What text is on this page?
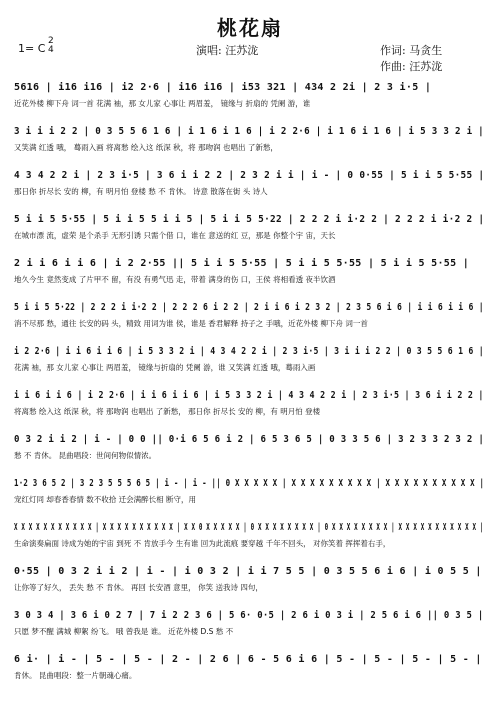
桃花扇
1= C
2
4	演唱: 汪苏泷	作词: 马贪生
作曲: 汪苏泷
5616 | i16 i16 | i2 2·6 | i16 i16 | i53 321 | 434 2 2i | 2 3 i·5 |
近花外楼 柳下舟 词一首 花满 袖，那 女儿家 心事让 两眉羞， 镜缘与 折扇的 凭阑 游，谁
3 i i i 2 2 | 0 3 5 5 6 1 6 | i 1 6 i 1 6 | i 2 2·6 | i 1 6 i 1 6 | i 5 3 3 2 i |
又笑满 红透 哦， 蓦雨入画 将离愁 绘入这 纸深 秋，将 那吻润 也唱出 了新愁，
4 3 4 2 2 i | 2 3 i·5 | 3 6 i i 2 2 | 2 3 2 i i | i - | 0 0·55 | 5 i i 5 5·55 |
那日你 折尽长 安的 柳，有 明月怕 登楼 愁 不 肯休。 诗意 散落在街 头 诗人
5 i i 5 5·55 | 5 i i 5 5 i i 5 | 5 i i 5 5·22 | 2 2 2 i i·2 2 | 2 2 2 i i·2 2 |
在城市漂 流，虚荣 是个杀手 无形引诱 只需个借 口，谁在 意送的红 豆，那是 你整个宇 宙，天长
2 i i 6 i i 6 | i 2 2·55 || 5 i i 5 5·55 | 5 i i 5 5·55 | 5 i i 5 5·55 |
地久今生 竟然变成 了片甲不 留，有没 有勇气迅 走，带着 满身的伤 口，王侯 将相看透 夜半饮酒
5 i i 5 5·22 | 2 2 2 i i·2 2 | 2 2 2 6 i 2 2 | 2 i i 6 i 2 3 2 | 2 3 5 6 i 6 | i i 6 i i 6 |
消不尽那 愁，通往 长安的码 头，精致 用词为谁 侯，谁是 香君解释 持子之 手哦，近花外楼 柳下舟 词一首
i 2 2·6 | i i 6 i i 6 | i 5 3 3 2 i | 4 3 4 2 2 i | 2 3 i·5 | 3 i i i 2 2 | 0 3 5 5 6 1 6 |
花满 袖，那 女儿家 心事让 两眉羞， 镜缘与折扇的 凭阑 游，谁 又笑满 红透 哦，蓦雨入画
i i 6 i i 6 | i 2 2·6 | i i 6 i i 6 | i 5 3 3 2 i | 4 3 4 2 2 i | 2 3 i·5 | 3 6 i i 2 2 |
将离愁 绘入这 纸深 秋，将 那吻润 也唱出 了新愁， 那日你 折尽长 安的 柳，有 明月怕 登楼
0 3 2 i i 2 | i - | 0 0 || 0·i 6 5 6 i 2 | 6 5 3 6 5 | 0 3 3 5 6 | 3 2 3 3 2 3 2 |
愁 不 肯休。 昆曲唱段：世间何物似情浓。
1·2 3 6 5 2 | 3 2 3 5 5 5 6 5 | i - | i - || 0 X X X X X | X X X X X X X X X | X X X X X X X X X X |
宠红灯同 却春香春情 数不收拾 迁会满醉长相 断守，用
X X X X X X X X X X X | X X X X X X X X X X | X X 0 X X X X X | 0 X X X X X X X X | 0 X X X X X X X X | X X X X X X X X X X X |
生命演奏扁面 诗成为她的宇宙 到死 不 肯放手今 生有谁 回为此流痕 要穿越 千年不回头， 对你笑着 挥挥着右手，
0·55 | 0 3 2 i i 2 | i - | i 0 3 2 | i i 7 5 5 | 0 3 5 5 6 i 6 | i 0 5 5 |
让你等了好久， 丢失 愁 不 肯休。 再回 长安酒 意里， 你笑 送我诗 四句，
3 0 3 4 | 3 6 i 0 2 7 | 7 i 2 2 3 6 | 5 6· 0·5 | 2 6 i 0 3 i | 2 5 6 i 6 || 0 3 5 |
只愿 梦不醒 满城 柳絮 纷飞。 哦 曾我是 谁。 近花外楼 D.S 愁 不
6 i· | i - | 5 - | 5 - | 2 - | 2 6 | 6 - 5 6 i 6 | 5 - | 5 - | 5 - | 5 - |
肯休。 昆曲唱段：整一片朝魂心痛。
